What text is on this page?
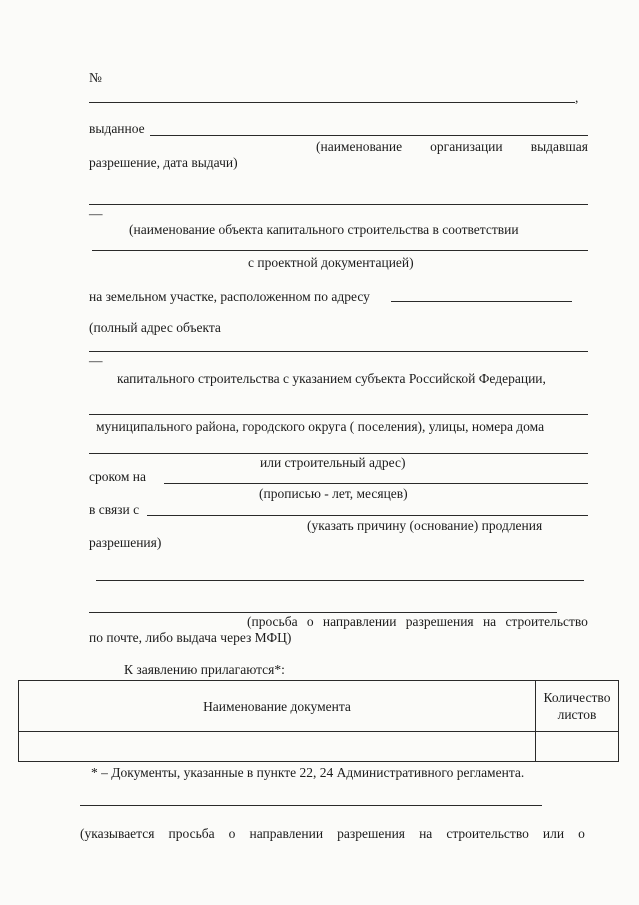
№
,
выданное
(наименование организации выдавшая
разрешение, дата выдачи)
—
(наименование объекта капитального строительства в соответствии
с проектной документацией)
на земельном участке, расположенном по адресу
(полный адрес объекта
—
капитального строительства с указанием субъекта Российской Федерации,
муниципального района, городского округа ( поселения), улицы, номера дома
или строительный адрес)
сроком на
(прописью - лет, месяцев)
в связи с
(указать причину (основание) продления
разрешения)
(просьба о направлении разрешения на строительство
по почте, либо выдача через МФЦ)
К заявлению прилагаются*:
Наименование документа	Количество
листов

* – Документы, указанные в пункте 22, 24 Административного регламента.
(указывается просьба о направлении разрешения на строительство или о
